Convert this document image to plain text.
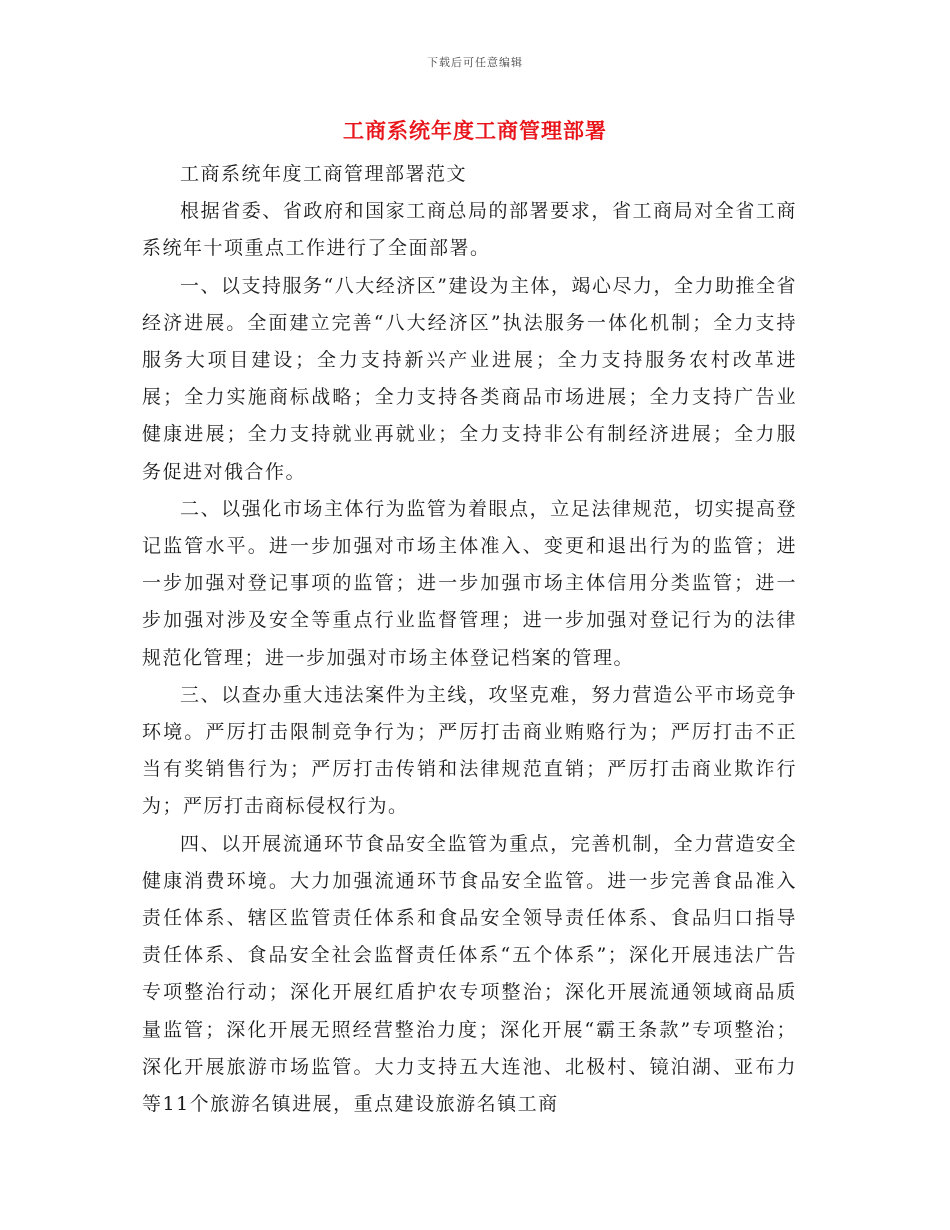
下载后可任意编辑
工商系统年度工商管理部署

工商系统年度工商管理部署范文

根据省委、省政府和国家工商总局的部署要求，省工商局对全省工商系统年十项重点工作进行了全面部署。

一、以支持服务“八大经济区”建设为主体，竭心尽力，全力助推全省经济进展。全面建立完善“八大经济区”执法服务一体化机制；全力支持服务大项目建设；全力支持新兴产业进展；全力支持服务农村改革进展；全力实施商标战略；全力支持各类商品市场进展；全力支持广告业健康进展；全力支持就业再就业；全力支持非公有制经济进展；全力服务促进对俄合作。

二、以强化市场主体行为监管为着眼点，立足法律规范，切实提高登记监管水平。进一步加强对市场主体准入、变更和退出行为的监管；进一步加强对登记事项的监管；进一步加强市场主体信用分类监管；进一步加强对涉及安全等重点行业监督管理；进一步加强对登记行为的法律规范化管理；进一步加强对市场主体登记档案的管理。

三、以查办重大违法案件为主线，攻坚克难，努力营造公平市场竞争环境。严厉打击限制竞争行为；严厉打击商业贿赂行为；严厉打击不正当有奖销售行为；严厉打击传销和法律规范直销；严厉打击商业欺诈行为；严厉打击商标侵权行为。

四、以开展流通环节食品安全监管为重点，完善机制，全力营造安全健康消费环境。大力加强流通环节食品安全监管。进一步完善食品准入责任体系、辖区监管责任体系和食品安全领导责任体系、食品归口指导责任体系、食品安全社会监督责任体系“五个体系”；深化开展违法广告专项整治行动；深化开展红盾护农专项整治；深化开展流通领域商品质量监管；深化开展无照经营整治力度；深化开展“霸王条款”专项整治；深化开展旅游市场监管。大力支持五大连池、北极村、镜泊湖、亚布力等11个旅游名镇进展，重点建设旅游名镇工商
